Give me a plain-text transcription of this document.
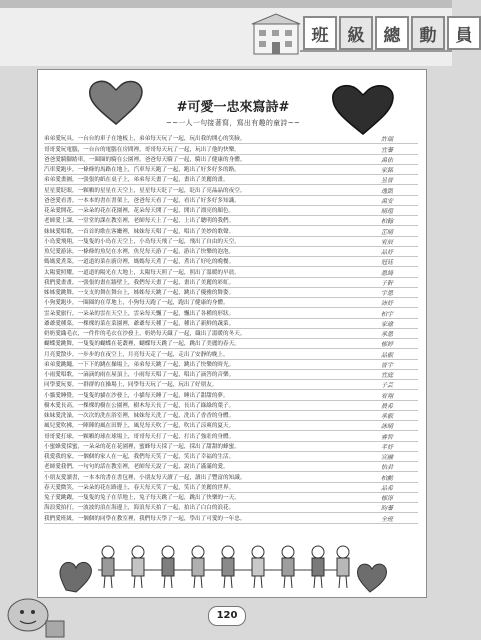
班	級	總	動	員
#可愛一忠來寫詩#
~~一人一句接著寫，寫出有趣的童詩~~
弟弟愛玩具，一台台的車子在地板上，弟弟每天玩了一起，玩出我的開心的笑臉。	許瑞
哥哥愛玩電腦，一台台的電腦在房間裡，哥哥每天玩了一起，玩出了他的快樂。	宜蓁
爸爸愛騎腳踏車，一圈圈的騎在公園裡，爸爸每天騎了一起，騎出了健康的身體。	禹佑
汽車愛跑步，一條條的馬路在地上，汽車每天跑了一起，跑出了好多好多的路。	家銘
弟弟愛畫圖，一張張的紙在桌子上，弟弟每天畫了一起，畫出了美麗的畫。	昱晉
星星愛眨眼，一顆顆的星星在天空上，星星每天眨了一起，眨出了亮晶晶的夜空。	逸凱
爸爸愛看書，一本本的書在書架上，爸爸每天看了一起，看出了好多好多知識。	禹安
花朵愛開花，一朵朵的花在花園裡，花朵每天開了一起，開出了漂亮的顏色。	晴瑄
老師愛上課，一堂堂的課在教室裡，老師每天上了一起，上出了聰明的我們。	柏翰
妹妹愛唱歌，一首首的歌在客廳裡，妹妹每天唱了一起，唱出了美妙的歌聲。	芷晴
小鳥愛飛翔，一隻隻的小鳥在天空上，小鳥每天飛了一起，飛出了自由的天空。	宥辰
魚兒愛游泳，一條條的魚兒在水裡，魚兒每天游了一起，游出了快樂的泡泡。	品妤
媽媽愛煮菜，一道道的菜在廚房裡，媽媽每天煮了一起，煮出了好吃的晚餐。	冠廷
太陽愛照耀，一道道的陽光在大地上，太陽每天照了一起，照出了溫暖的早晨。	恩綺
我們愛畫畫，一張張的畫在牆壁上，我們每天畫了一起，畫出了美麗的彩虹。	子軒
姊姊愛跳舞，一支支的舞在舞台上，姊姊每天跳了一起，跳出了優雅的舞姿。	宇恩
小狗愛跑步，一圈圈的在草地上，小狗每天跑了一起，跑出了健康的身體。	沛妤
雲朵愛旅行，一朵朵的雲在天空上，雲朵每天飄了一起，飄出了各種的形狀。	柏宇
爺爺愛種菜，一棵棵的菜在菜園裡，爺爺每天種了一起，種出了新鮮的蔬菜。	家瑜
奶奶愛織毛衣，一件件的毛衣在沙發上，奶奶每天織了一起，織出了溫暖的冬天。	承恩
蝴蝶愛跳舞，一隻隻的蝴蝶在花叢裡，蝴蝶每天跳了一起，跳出了美麗的春天。	郁婷
月亮愛散步，一步步的在夜空上，月亮每天走了一起，走出了安靜的晚上。	品叡
弟弟愛跳繩，一下下的跳在操場上，弟弟每天跳了一起，跳出了快樂的時光。	晉宇
小雨愛唱歌，一滴滴的雨在屋頂上，小雨每天唱了一起，唱出了滴答的音樂。	宜庭
同學愛玩耍，一群群的在操場上，同學每天玩了一起，玩出了好朋友。	子芸
小貓愛睡覺，一隻隻的貓在沙發上，小貓每天睡了一起，睡出了甜甜的夢。	宥翔
樹木愛長高，一棵棵的樹在公園裡，樹木每天長了一起，長出了綠綠的葉子。	晨希
妹妹愛洗澡，一次次的洗在浴室裡，妹妹每天洗了一起，洗出了香香的身體。	承叡
風兒愛吹拂，一陣陣的風在田野上，風兒每天吹了一起，吹出了涼爽的夏天。	詠晴
哥哥愛打球，一顆顆的球在球場上，哥哥每天打了一起，打出了強壯的身體。	睿哲
小蜜蜂愛採蜜，一朵朵的花在花園裡，蜜蜂每天採了一起，採出了甜甜的蜂蜜。	芊妤
我愛我的家，一個個的家人在一起，我們每天笑了一起，笑出了幸福的生活。	宣融
老師愛我們，一句句的話在教室裡，老師每天說了一起，說出了滿滿的愛。	怡君
小朋友愛讀書，一本本的書在書包裡，小朋友每天讀了一起，讀出了豐富的知識。	柏勳
春天愛微笑，一朵朵的花在路邊上，春天每天笑了一起，笑出了美麗的世界。	品希
兔子愛跳躍，一隻隻的兔子在草地上，兔子每天跳了一起，跳出了快樂的一天。	郁淳
海浪愛拍打，一波波的浪在海邊上，海浪每天拍了一起，拍出了白白的浪花。	昀蓁
我們愛班級，一個個的同學在教室裡，我們每天學了一起，學出了可愛的一年忠。	全班
120
